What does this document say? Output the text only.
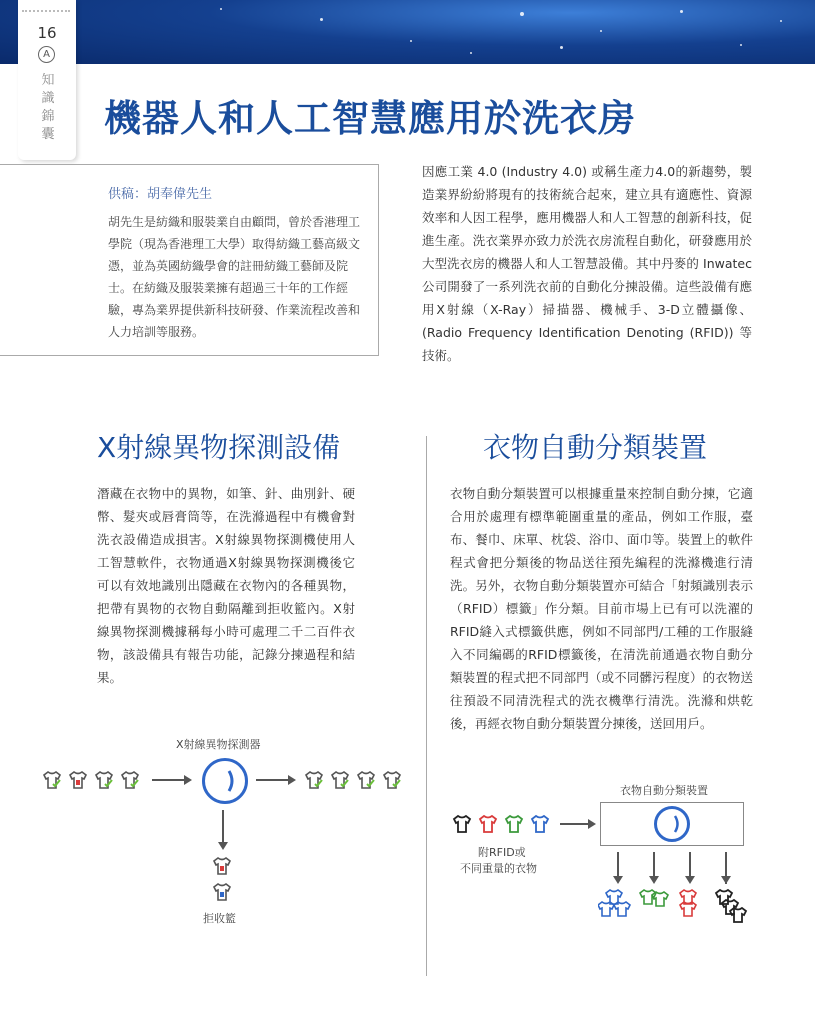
16
A
知識錦囊 機器人和人工智慧應用於洗衣房
供稿：胡奉偉先生
胡先生是紡織和服裝業自由顧問，曾於香港理工學院（現為香港理工大學）取得紡織工藝高級文憑，並為英國紡織學會的註冊紡織工藝師及院士。在紡織及服裝業擁有超過三十年的工作經驗，專為業界提供新科技研發、作業流程改善和人力培訓等服務。
因應工業 4.0 (Industry 4.0) 或稱生產力4.0的新趨勢，製造業界紛紛將現有的技術統合起來，建立具有適應性、資源效率和人因工程學，應用機器人和人工智慧的創新科技，促進生產。洗衣業界亦致力於洗衣房流程自動化，研發應用於大型洗衣房的機器人和人工智慧設備。其中丹麥的 Inwatec 公司開發了一系列洗衣前的自動化分揀設備。這些設備有應用X射線（X-Ray）掃描器、機械手、3-D立體攝像、(Radio Frequency Identification Denoting (RFID)) 等技術。
X射線異物探測設備
潛藏在衣物中的異物，如筆、針、曲別針、硬幣、髮夾或唇膏筒等，在洗滌過程中有機會對洗衣設備造成損害。X射線異物探測機使用人工智慧軟件，衣物通過X射線異物探測機後它可以有效地識別出隱藏在衣物內的各種異物，把帶有異物的衣物自動隔離到拒收籃內。X射線異物探測機據稱每小時可處理二千二百件衣物，該設備具有報告功能，記錄分揀過程和結果。
衣物自動分類裝置
衣物自動分類裝置可以根據重量來控制自動分揀，它適合用於處理有標準範圍重量的產品，例如工作服，臺布、餐巾、床單、枕袋、浴巾、面巾等。裝置上的軟件程式會把分類後的物品送往預先編程的洗滌機進行清洗。另外，衣物自動分類裝置亦可結合「射頻識別表示（RFID）標籤」作分類。目前市場上已有可以洗濯的RFID縫入式標籤供應，例如不同部門/工種的工作服縫入不同編碼的RFID標籤後，在清洗前通過衣物自動分類裝置的程式把不同部門（或不同髒污程度）的衣物送往預設不同清洗程式的洗衣機準行清洗。洗滌和烘乾後，再經衣物自動分類裝置分揀後，送回用戶。
X射線異物探測器
拒收籃
衣物自動分類裝置
附RFID或
不同重量的衣物
